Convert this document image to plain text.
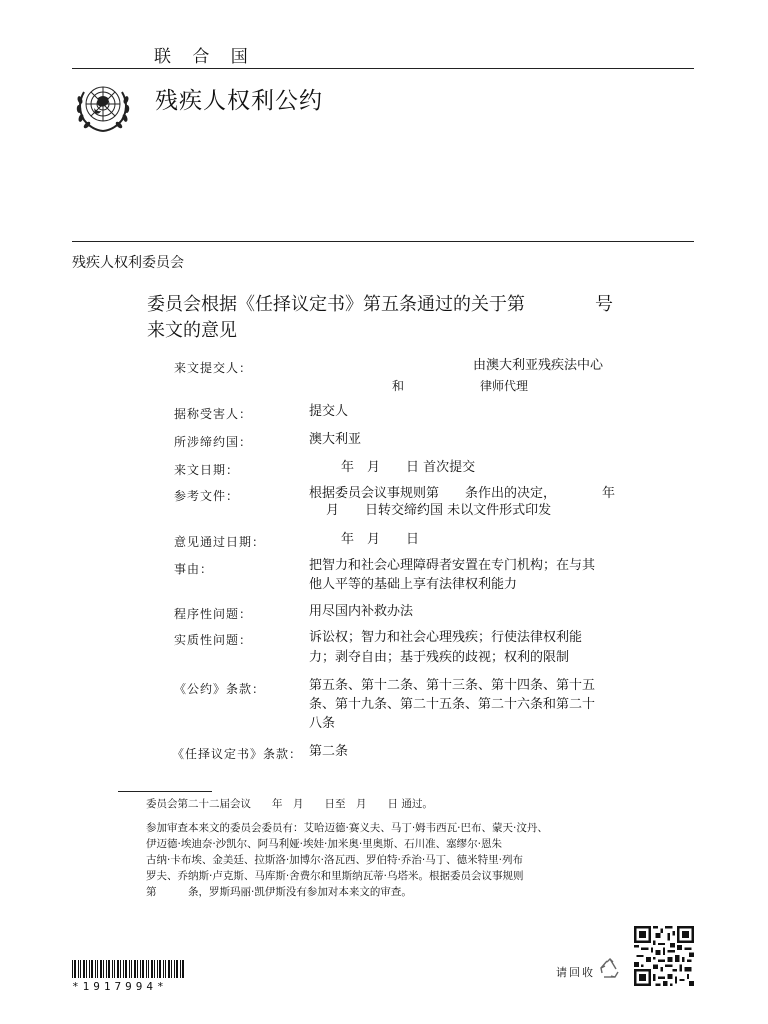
联 合 国
残疾人权利公约
残疾人权利委员会
委员会根据《任择议定书》第五条通过的关于第	号
来文的意见
来文提交人：	由澳大利亚残疾法中心
和	律师代理
据称受害人：	提交人
所涉缔约国：	澳大利亚
来文日期：	年　月　　日 首次提交
参考文件：	根据委员会议事规则第　　条作出的决定，	年
月　　日转交缔约国 未以文件形式印发
意见通过日期：	年　月　　日
事由：	把智力和社会心理障碍者安置在专门机构；在与其
他人平等的基础上享有法律权利能力
程序性问题：	用尽国内补救办法
实质性问题：	诉讼权；智力和社会心理残疾；行使法律权利能
力；剥夺自由；基于残疾的歧视；权利的限制
《公约》条款：	第五条、第十二条、第十三条、第十四条、第十五
条、第十九条、第二十五条、第二十六条和第二十
八条
《任择议定书》条款： 第二条
委员会第二十二届会议　　年　月　　日至　月　　日 通过。
参加审查本来文的委员会委员有：艾哈迈德·赛义夫、马丁·姆韦西瓦·巴布、蒙天·汶丹、
伊迈德·埃迪奈·沙凯尔、阿马利娅·埃娃·加米奥·里奥斯、石川准、塞缪尔·恩朱
古纳·卡布埃、金美廷、拉斯洛·加博尔·洛瓦西、罗伯特·乔治·马丁、德米特里·列布
罗夫、乔纳斯·卢克斯、马库斯·舍费尔和里斯纳瓦蒂·乌塔米。根据委员会议事规则
第　　　条，罗斯玛丽·凯伊斯没有参加对本来文的审查。
*1917994*
请回收
